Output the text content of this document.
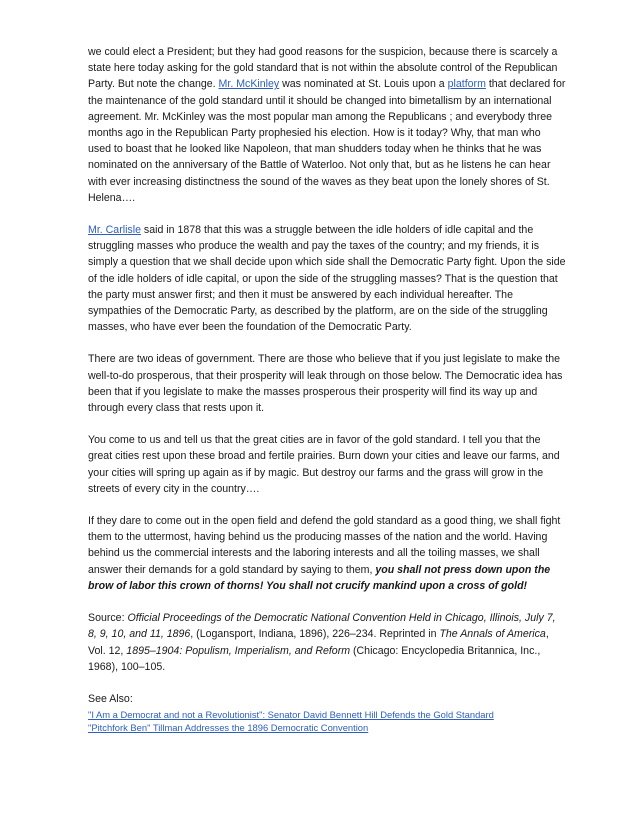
we could elect a President; but they had good reasons for the suspicion, because there is scarcely a state here today asking for the gold standard that is not within the absolute control of the Republican Party. But note the change. Mr. McKinley was nominated at St. Louis upon a platform that declared for the maintenance of the gold standard until it should be changed into bimetallism by an international agreement. Mr. McKinley was the most popular man among the Republicans ; and everybody three months ago in the Republican Party prophesied his election. How is it today? Why, that man who used to boast that he looked like Napoleon, that man shudders today when he thinks that he was nominated on the anniversary of the Battle of Waterloo. Not only that, but as he listens he can hear with ever increasing distinctness the sound of the waves as they beat upon the lonely shores of St. Helena….

Mr. Carlisle said in 1878 that this was a struggle between the idle holders of idle capital and the struggling masses who produce the wealth and pay the taxes of the country; and my friends, it is simply a question that we shall decide upon which side shall the Democratic Party fight. Upon the side of the idle holders of idle capital, or upon the side of the struggling masses? That is the question that the party must answer first; and then it must be answered by each individual hereafter. The sympathies of the Democratic Party, as described by the platform, are on the side of the struggling masses, who have ever been the foundation of the Democratic Party.

There are two ideas of government. There are those who believe that if you just legislate to make the well-to-do prosperous, that their prosperity will leak through on those below. The Democratic idea has been that if you legislate to make the masses prosperous their prosperity will find its way up and through every class that rests upon it.

You come to us and tell us that the great cities are in favor of the gold standard. I tell you that the great cities rest upon these broad and fertile prairies. Burn down your cities and leave our farms, and your cities will spring up again as if by magic. But destroy our farms and the grass will grow in the streets of every city in the country….

If they dare to come out in the open field and defend the gold standard as a good thing, we shall fight them to the uttermost, having behind us the producing masses of the nation and the world. Having behind us the commercial interests and the laboring interests and all the toiling masses, we shall answer their demands for a gold standard by saying to them, you shall not press down upon the brow of labor this crown of thorns! You shall not crucify mankind upon a cross of gold!

Source: Official Proceedings of the Democratic National Convention Held in Chicago, Illinois, July 7, 8, 9, 10, and 11, 1896, (Logansport, Indiana, 1896), 226–234. Reprinted in The Annals of America, Vol. 12, 1895–1904: Populism, Imperialism, and Reform (Chicago: Encyclopedia Britannica, Inc., 1968), 100–105.

See Also:
"I Am a Democrat and not a Revolutionist": Senator David Bennett Hill Defends the Gold Standard
"Pitchfork Ben" Tillman Addresses the 1896 Democratic Convention
